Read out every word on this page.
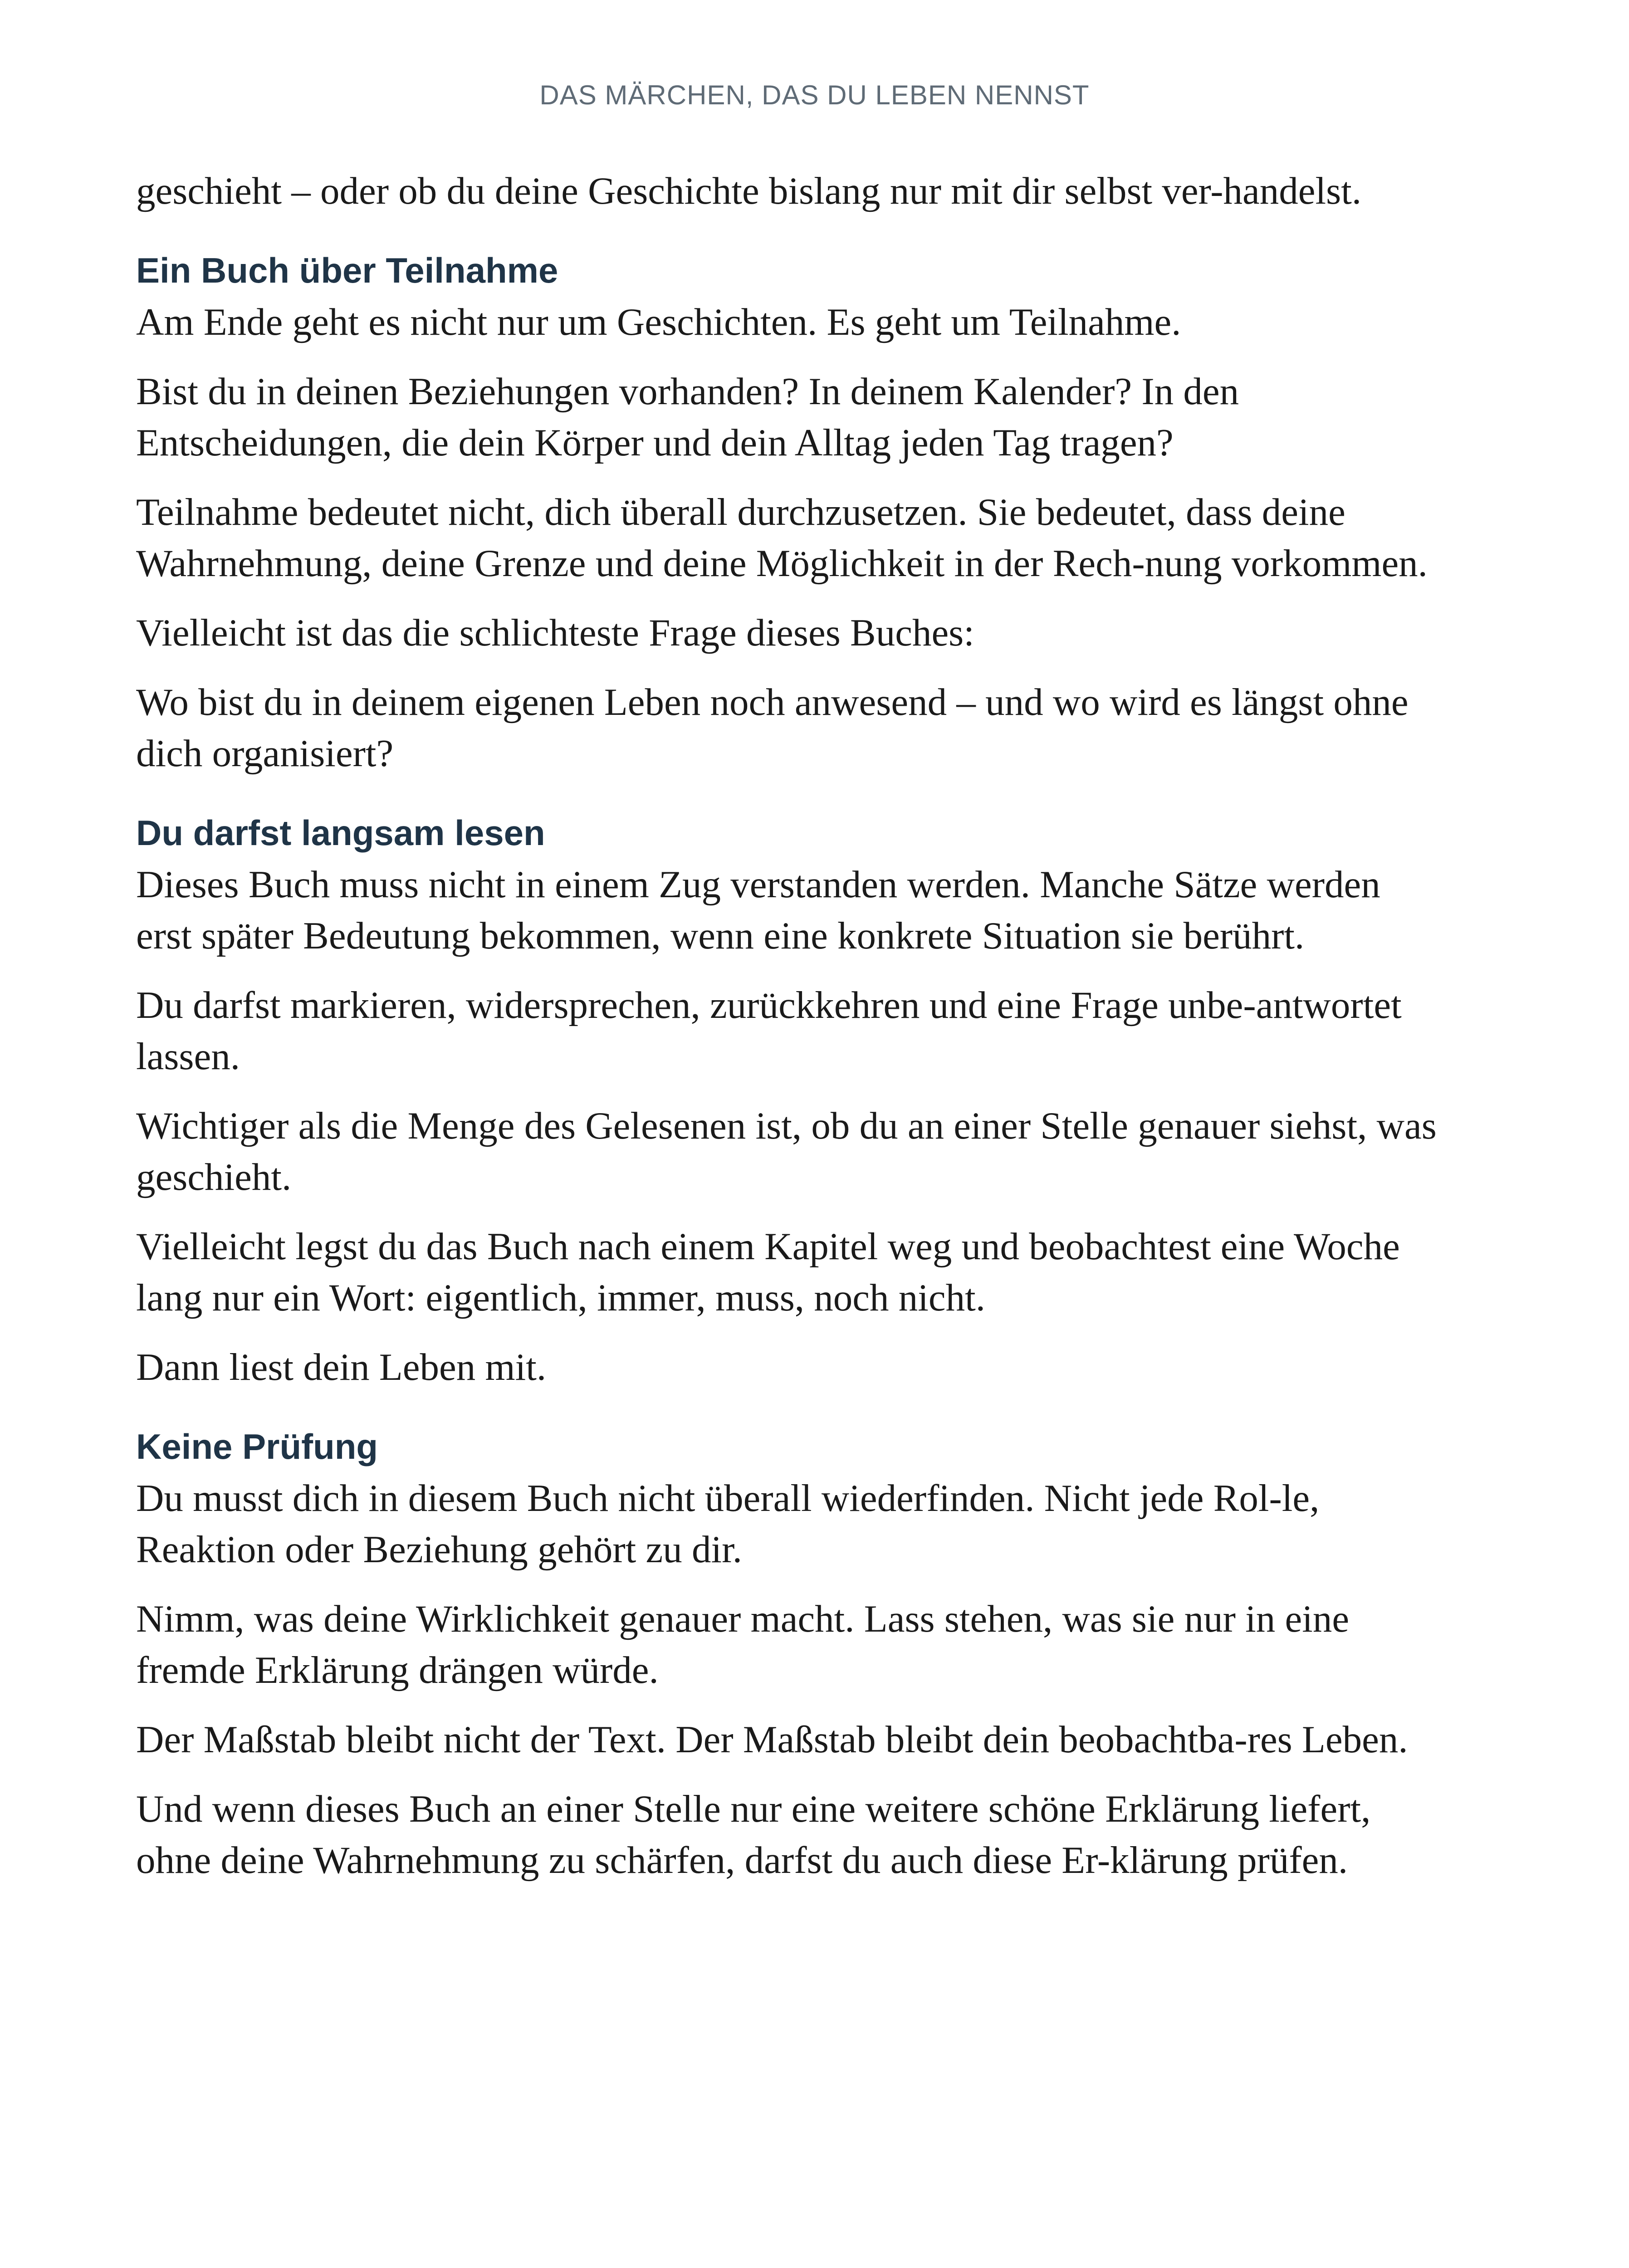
DAS MÄRCHEN, DAS DU LEBEN NENNST

geschieht – oder ob du deine Geschichte bislang nur mit dir selbst ver-handelst.

Ein Buch über Teilnahme

Am Ende geht es nicht nur um Geschichten. Es geht um Teilnahme.

Bist du in deinen Beziehungen vorhanden? In deinem Kalender? In den Entscheidungen, die dein Körper und dein Alltag jeden Tag tragen?

Teilnahme bedeutet nicht, dich überall durchzusetzen. Sie bedeutet, dass deine Wahrnehmung, deine Grenze und deine Möglichkeit in der Rech-nung vorkommen.

Vielleicht ist das die schlichteste Frage dieses Buches:

Wo bist du in deinem eigenen Leben noch anwesend – und wo wird es längst ohne dich organisiert?

Du darfst langsam lesen

Dieses Buch muss nicht in einem Zug verstanden werden. Manche Sätze werden erst später Bedeutung bekommen, wenn eine konkrete Situation sie berührt.

Du darfst markieren, widersprechen, zurückkehren und eine Frage unbe-antwortet lassen.

Wichtiger als die Menge des Gelesenen ist, ob du an einer Stelle genauer siehst, was geschieht.

Vielleicht legst du das Buch nach einem Kapitel weg und beobachtest eine Woche lang nur ein Wort: eigentlich, immer, muss, noch nicht.

Dann liest dein Leben mit.

Keine Prüfung

Du musst dich in diesem Buch nicht überall wiederfinden. Nicht jede Rol-le, Reaktion oder Beziehung gehört zu dir.

Nimm, was deine Wirklichkeit genauer macht. Lass stehen, was sie nur in eine fremde Erklärung drängen würde.

Der Maßstab bleibt nicht der Text. Der Maßstab bleibt dein beobachtba-res Leben.

Und wenn dieses Buch an einer Stelle nur eine weitere schöne Erklärung liefert, ohne deine Wahrnehmung zu schärfen, darfst du auch diese Er-klärung prüfen.
